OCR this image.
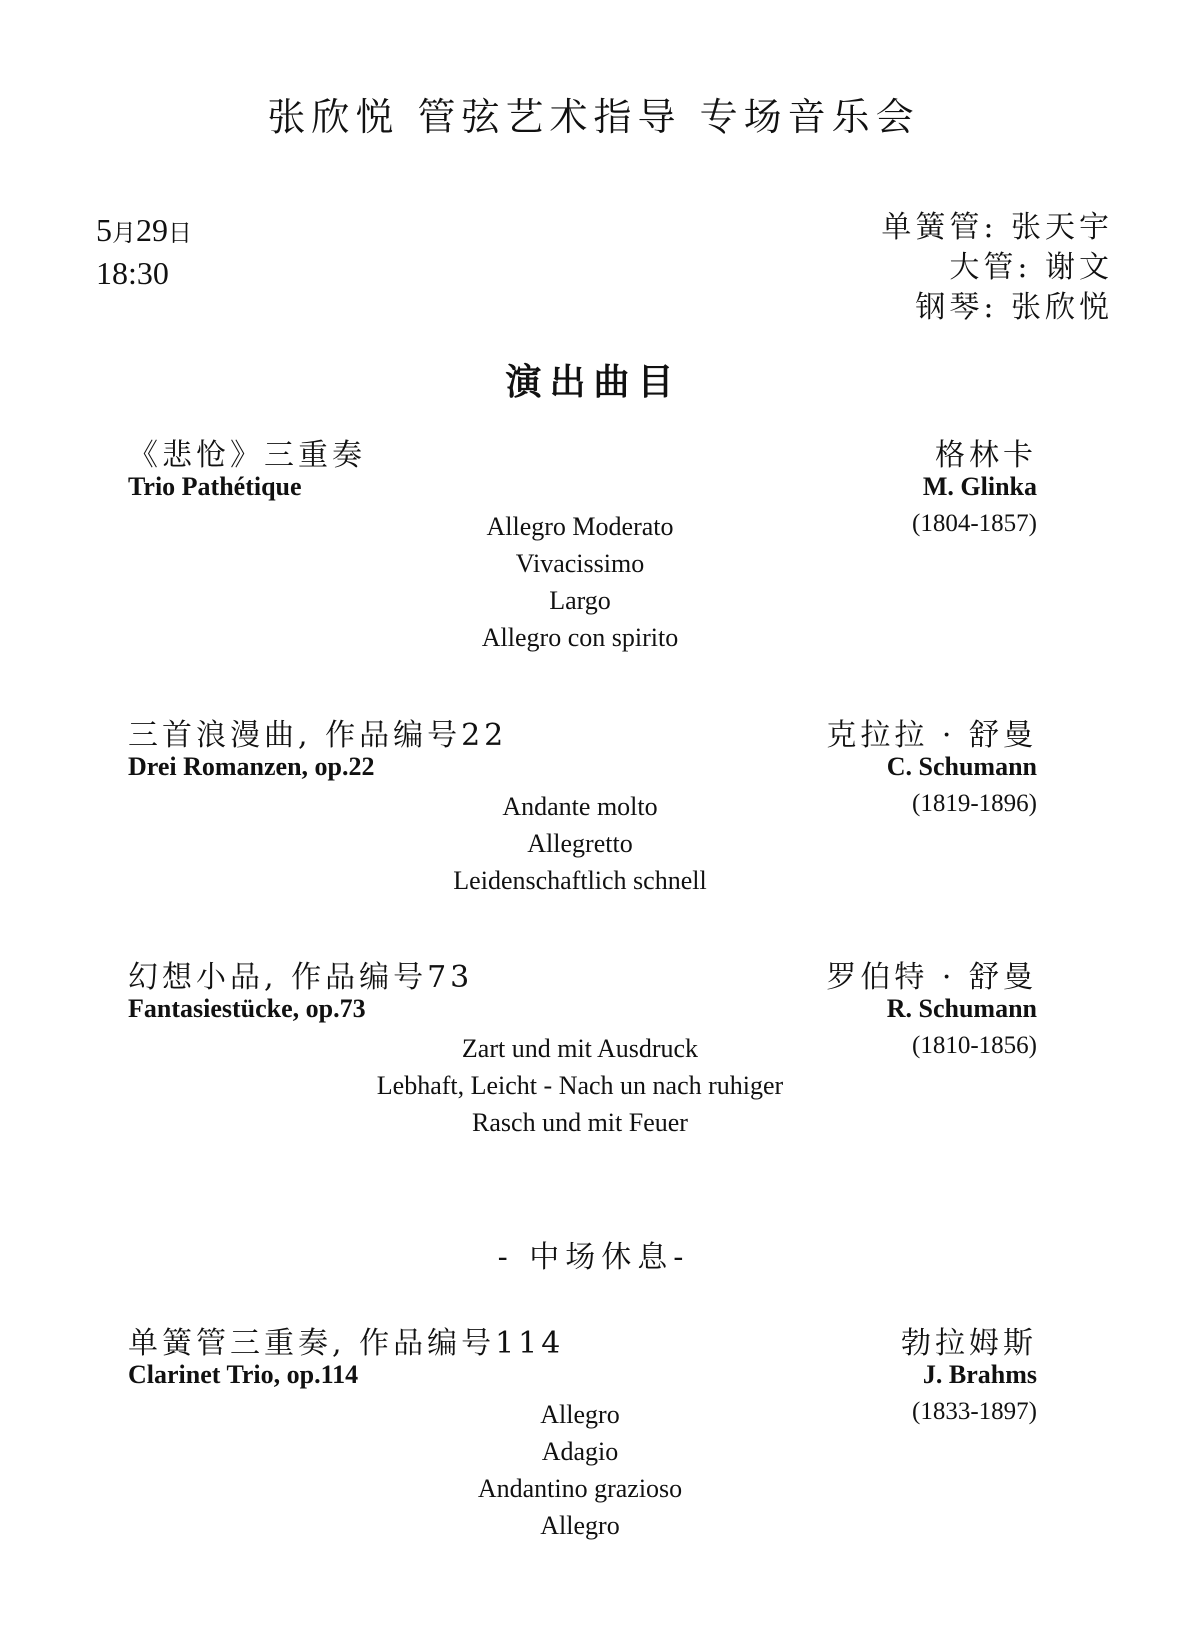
张欣悦 管弦艺术指导 专场音乐会
5月29日
18:30
单簧管: 张天宇
大管: 谢文
钢琴: 张欣悦
演出曲目
《悲怆》三重奏
Trio Pathétique
格林卡
M. Glinka
(1804-1857)
Allegro Moderato
Vivacissimo
Largo
Allegro con spirito
三首浪漫曲, 作品编号22
Drei Romanzen, op.22
克拉拉 · 舒曼
C. Schumann
(1819-1896)
Andante molto
Allegretto
Leidenschaftlich schnell
幻想小品, 作品编号73
Fantasiestücke, op.73
罗伯特 · 舒曼
R. Schumann
(1810-1856)
Zart und mit Ausdruck
Lebhaft, Leicht - Nach un nach ruhiger
Rasch und mit Feuer
- 中场休息-
单簧管三重奏, 作品编号114
Clarinet Trio, op.114
勃拉姆斯
J. Brahms
(1833-1897)
Allegro
Adagio
Andantino grazioso
Allegro
